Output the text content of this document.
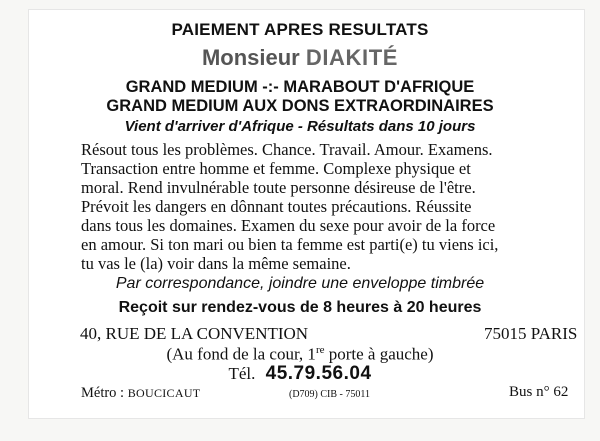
PAIEMENT APRES RESULTATS
Monsieur DIAKITÉ
GRAND MEDIUM -:- MARABOUT D'AFRIQUE
GRAND MEDIUM AUX DONS EXTRAORDINAIRES
Vient d'arriver d'Afrique - Résultats dans 10 jours
Résout tous les problèmes. Chance. Travail. Amour. Examens.
Transaction entre homme et femme. Complexe physique et
moral. Rend invulnérable toute personne désireuse de l'être.
Prévoit les dangers en dônnant toutes précautions. Réussite
dans tous les domaines. Examen du sexe pour avoir de la force
en amour. Si ton mari ou bien ta femme est parti(e) tu viens ici,
tu vas le (la) voir dans la même semaine.
Par correspondance, joindre une enveloppe timbrée
Reçoit sur rendez-vous de 8 heures à 20 heures
40, RUE DE LA CONVENTION	75015 PARIS
(Au fond de la cour, 1re porte à gauche)
Tél. 45.79.56.04
Métro : BOUCICAUT	(D709) CIB - 75011	Bus n° 62
